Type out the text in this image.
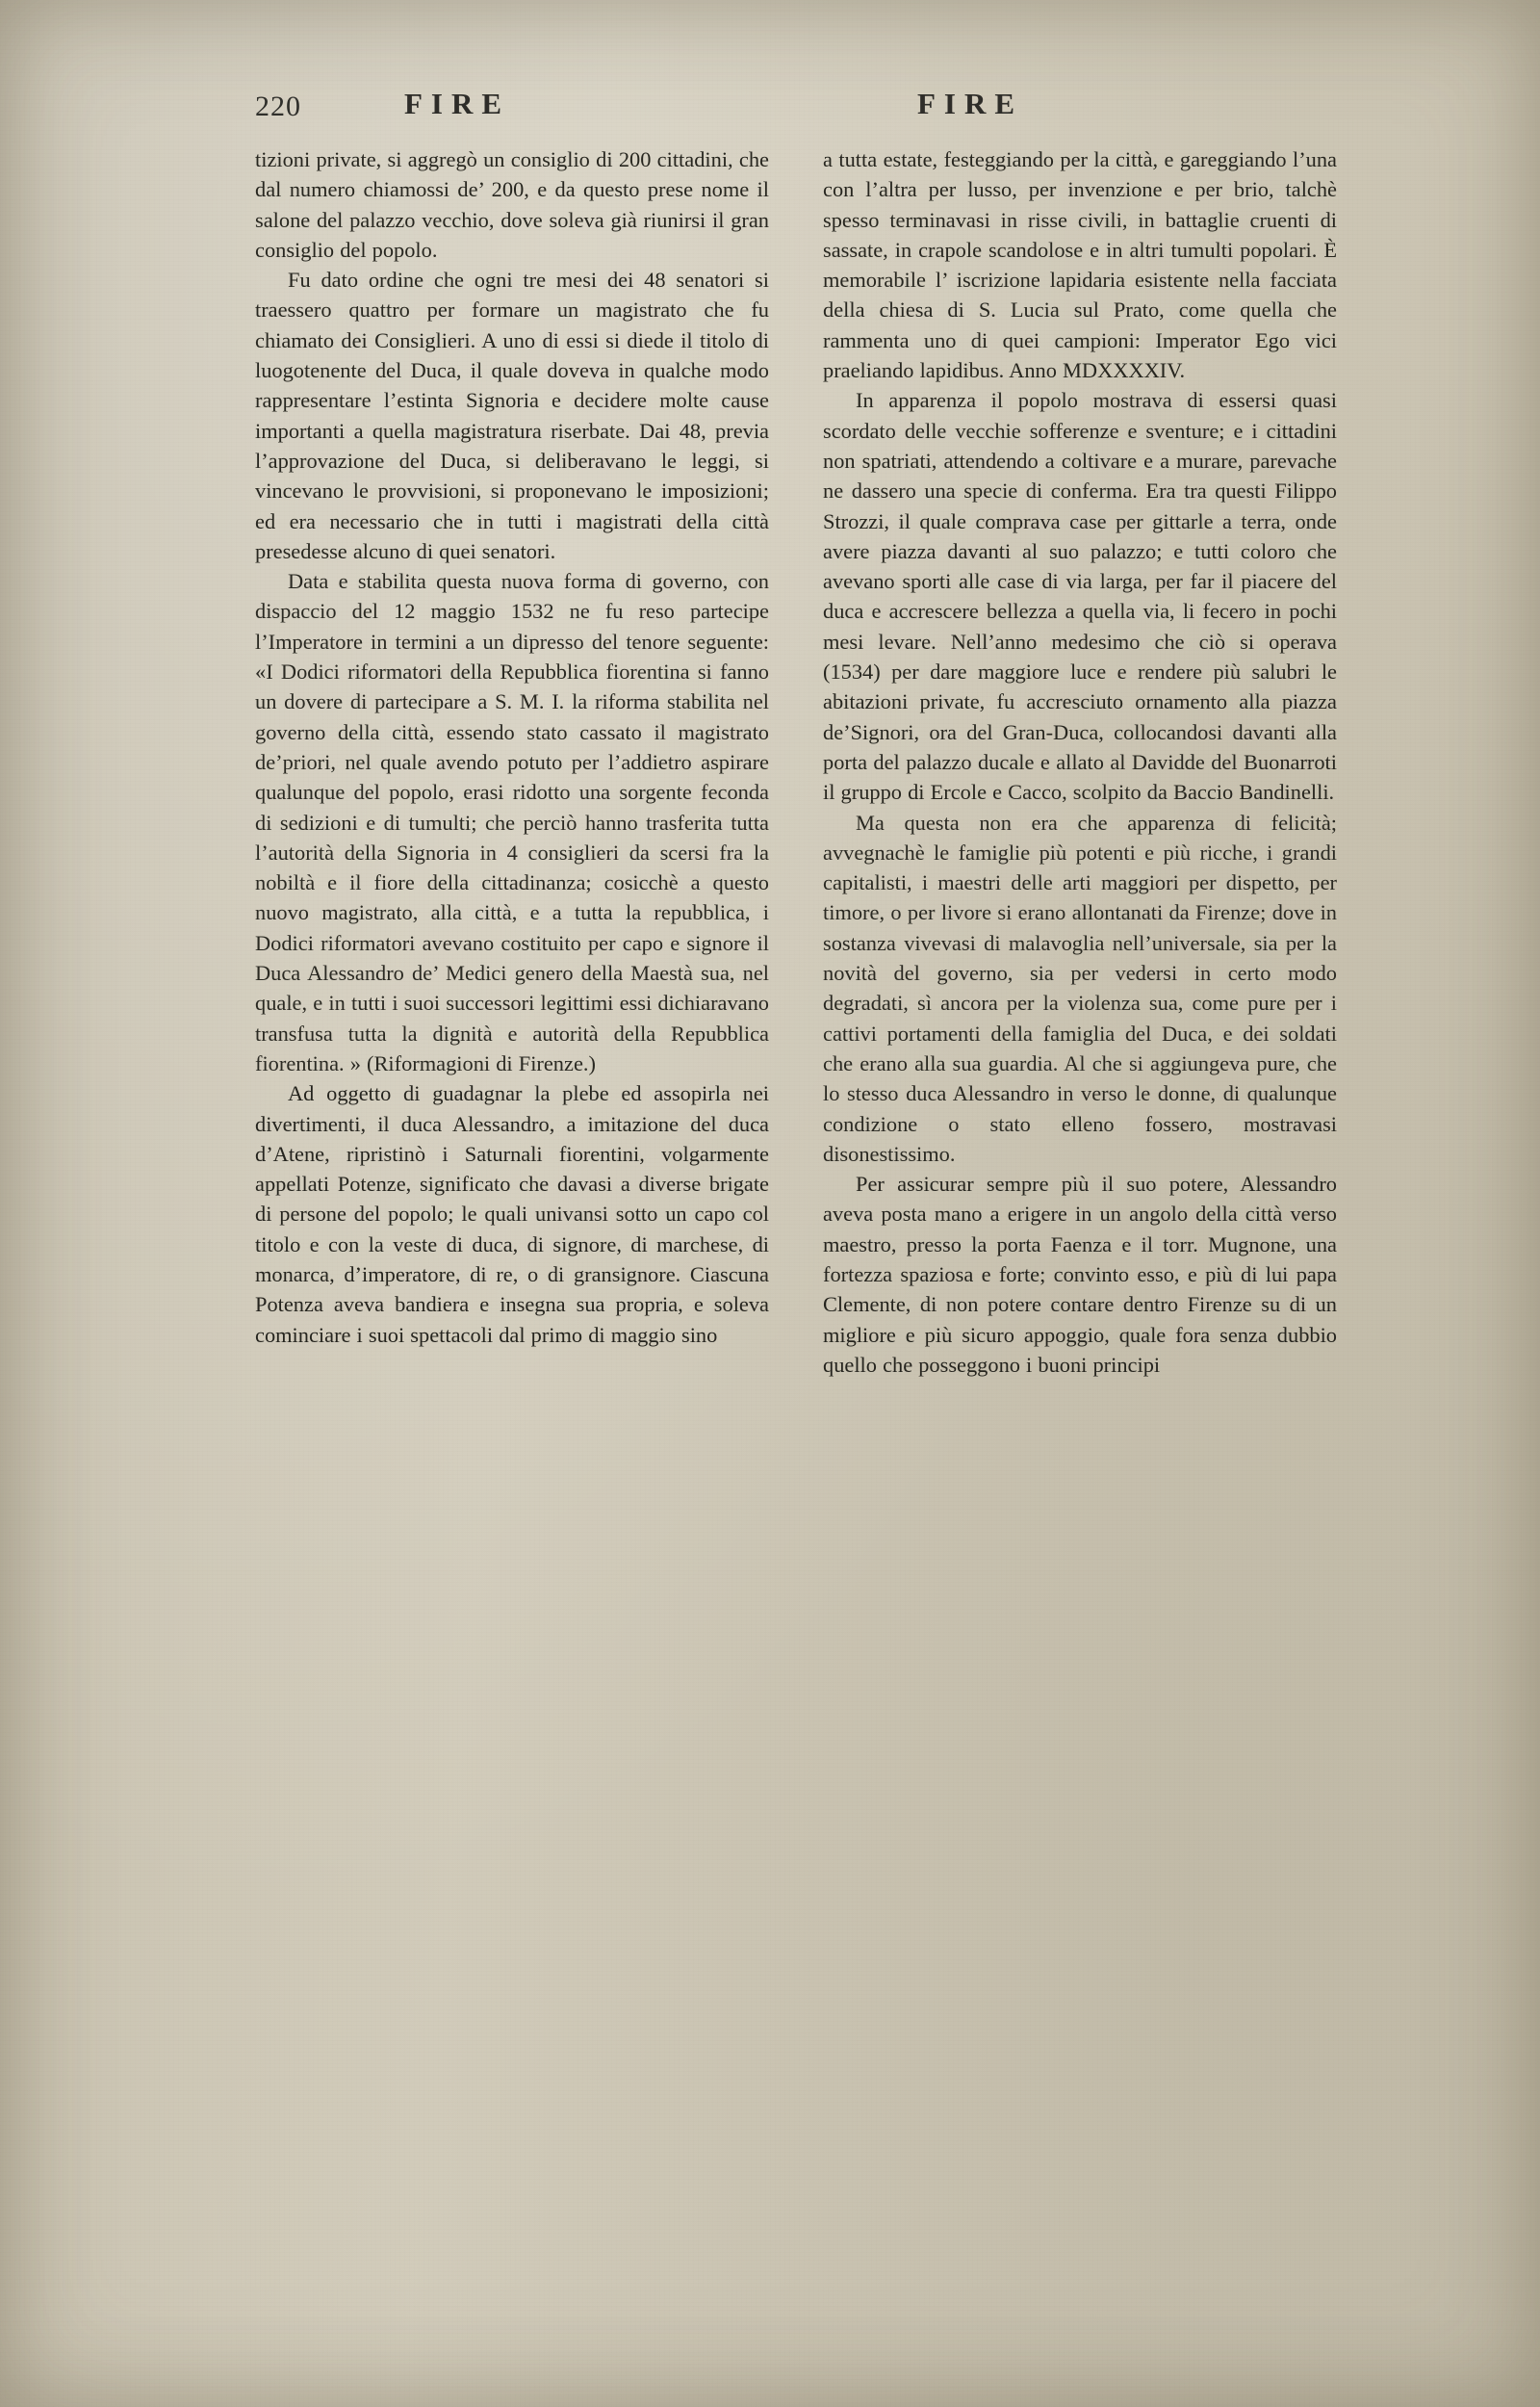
220	FIRE	FIRE

tizioni private, si aggregò un consiglio di 200 cittadini, che dal numero chiamossi de’ 200, e da questo prese nome il salone del palazzo vecchio, dove soleva già riunirsi il gran consiglio del popolo.

Fu dato ordine che ogni tre mesi dei 48 senatori si traessero quattro per formare un magistrato che fu chiamato dei Consiglieri. A uno di essi si diede il titolo di luogotenente del Duca, il quale doveva in qualche modo rappresentare l’estinta Signoria e decidere molte cause importanti a quella magistratura riserbate. Dai 48, previa l’approvazione del Duca, si deliberavano le leggi, si vincevano le provvisioni, si proponevano le imposizioni; ed era necessario che in tutti i magistrati della città presedesse alcuno di quei senatori.

Data e stabilita questa nuova forma di governo, con dispaccio del 12 maggio 1532 ne fu reso partecipe l’Imperatore in termini a un dipresso del tenore seguente: «I Dodici riformatori della Repubblica fiorentina si fanno un dovere di partecipare a S. M. I. la riforma stabilita nel governo della città, essendo stato cassato il magistrato de’priori, nel quale avendo potuto per l’addietro aspirare qualunque del popolo, erasi ridotto una sorgente feconda di sedizioni e di tumulti; che perciò hanno trasferita tutta l’autorità della Signoria in 4 consiglieri da scersi fra la nobiltà e il fiore della cittadinanza; cosicchè a questo nuovo magistrato, alla città, e a tutta la repubblica, i Dodici riformatori avevano costituito per capo e signore il Duca Alessandro de’ Medici genero della Maestà sua, nel quale, e in tutti i suoi successori legittimi essi dichiaravano transfusa tutta la dignità e autorità della Repubblica fiorentina. » (Riformagioni di Firenze.)

Ad oggetto di guadagnar la plebe ed assopirla nei divertimenti, il duca Alessandro, a imitazione del duca d’Atene, ripristinò i Saturnali fiorentini, volgarmente appellati Potenze, significato che davasi a diverse brigate di persone del popolo; le quali univansi sotto un capo col titolo e con la veste di duca, di signore, di marchese, di monarca, d’imperatore, di re, o di gransignore. Ciascuna Potenza aveva bandiera e insegna sua propria, e soleva cominciare i suoi spettacoli dal primo di maggio sino

a tutta estate, festeggiando per la città, e gareggiando l’una con l’altra per lusso, per invenzione e per brio, talchè spesso terminavasi in risse civili, in battaglie cruenti di sassate, in crapole scandolose e in altri tumulti popolari. È memorabile l’ iscrizione lapidaria esistente nella facciata della chiesa di S. Lucia sul Prato, come quella che rammenta uno di quei campioni: Imperator Ego vici praeliando lapidibus. Anno MDXXXXIV.

In apparenza il popolo mostrava di essersi quasi scordato delle vecchie sofferenze e sventure; e i cittadini non spatriati, attendendo a coltivare e a murare, parevache ne dassero una specie di conferma. Era tra questi Filippo Strozzi, il quale comprava case per gittarle a terra, onde avere piazza davanti al suo palazzo; e tutti coloro che avevano sporti alle case di via larga, per far il piacere del duca e accrescere bellezza a quella via, li fecero in pochi mesi levare. Nell’anno medesimo che ciò si operava (1534) per dare maggiore luce e rendere più salubri le abitazioni private, fu accresciuto ornamento alla piazza de’Signori, ora del Gran-Duca, collocandosi davanti alla porta del palazzo ducale e allato al Davidde del Buonarroti il gruppo di Ercole e Cacco, scolpito da Baccio Bandinelli.

Ma questa non era che apparenza di felicità; avvegnachè le famiglie più potenti e più ricche, i grandi capitalisti, i maestri delle arti maggiori per dispetto, per timore, o per livore si erano allontanati da Firenze; dove in sostanza vivevasi di malavoglia nell’universale, sia per la novità del governo, sia per vedersi in certo modo degradati, sì ancora per la violenza sua, come pure per i cattivi portamenti della famiglia del Duca, e dei soldati che erano alla sua guardia. Al che si aggiungeva pure, che lo stesso duca Alessandro in verso le donne, di qualunque condizione o stato elleno fossero, mostravasi disonestissimo.

Per assicurar sempre più il suo potere, Alessandro aveva posta mano a erigere in un angolo della città verso maestro, presso la porta Faenza e il torr. Mugnone, una fortezza spaziosa e forte; convinto esso, e più di lui papa Clemente, di non potere contare dentro Firenze su di un migliore e più sicuro appoggio, quale fora senza dubbio quello che posseggono i buoni principi
